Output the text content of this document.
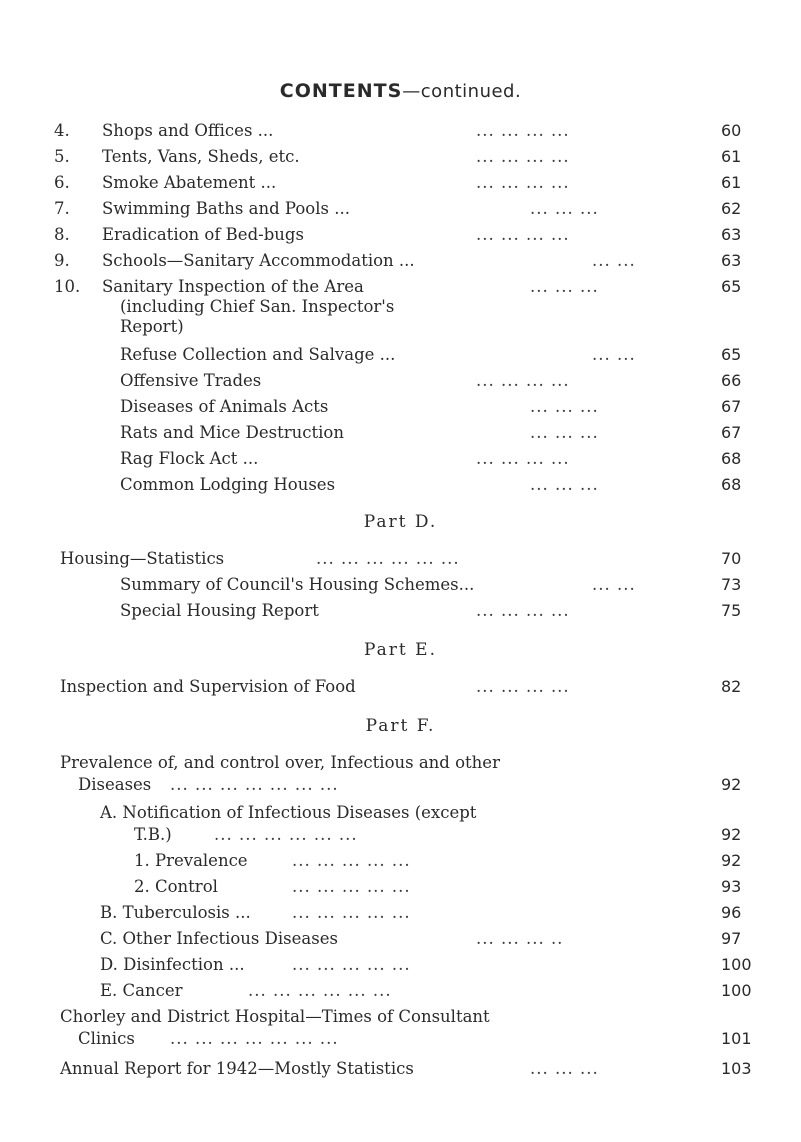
CONTENTS—continued.
4.	Shops and Offices ...	... ... ... ...	60
5.	Tents, Vans, Sheds, etc.	... ... ... ...	61
6.	Smoke Abatement ...	... ... ... ...	61
7.	Swimming Baths and Pools ...	... ... ...	62
8.	Eradication of Bed-bugs	... ... ... ...	63
9.	Schools—Sanitary Accommodation ...	... ...	63
10.	Sanitary Inspection of the Area	... ... ...	65
(including Chief San. Inspector's
Report)
Refuse Collection and Salvage ...	... ...	65
Offensive Trades	... ... ... ...	66
Diseases of Animals Acts	... ... ...	67
Rats and Mice Destruction	... ... ...	67
Rag Flock Act ...	... ... ... ...	68
Common Lodging Houses	... ... ...	68
Part D.
Housing—Statistics	... ... ... ... ... ...	70
Summary of Council's Housing Schemes...	... ...	73
Special Housing Report	... ... ... ...	75
Part E.
Inspection and Supervision of Food	... ... ... ...	82
Part F.
Prevalence of, and control over, Infectious and other
Diseases ... ... ... ... ... ... ...	92
A. Notification of Infectious Diseases (except
T.B.)	... ... ... ... ... ...	92
1. Prevalence	... ... ... ... ...	92
2. Control	... ... ... ... ...	93
B. Tuberculosis ...	... ... ... ... ...	96
C. Other Infectious Diseases	... ... ... ..	97
D. Disinfection ...	... ... ... ... ...	100
E. Cancer	... ... ... ... ... ...	100
Chorley and District Hospital—Times of Consultant
Clinics ... ... ... ... ... ... ...	101
Annual Report for 1942—Mostly Statistics	... ... ...	103
